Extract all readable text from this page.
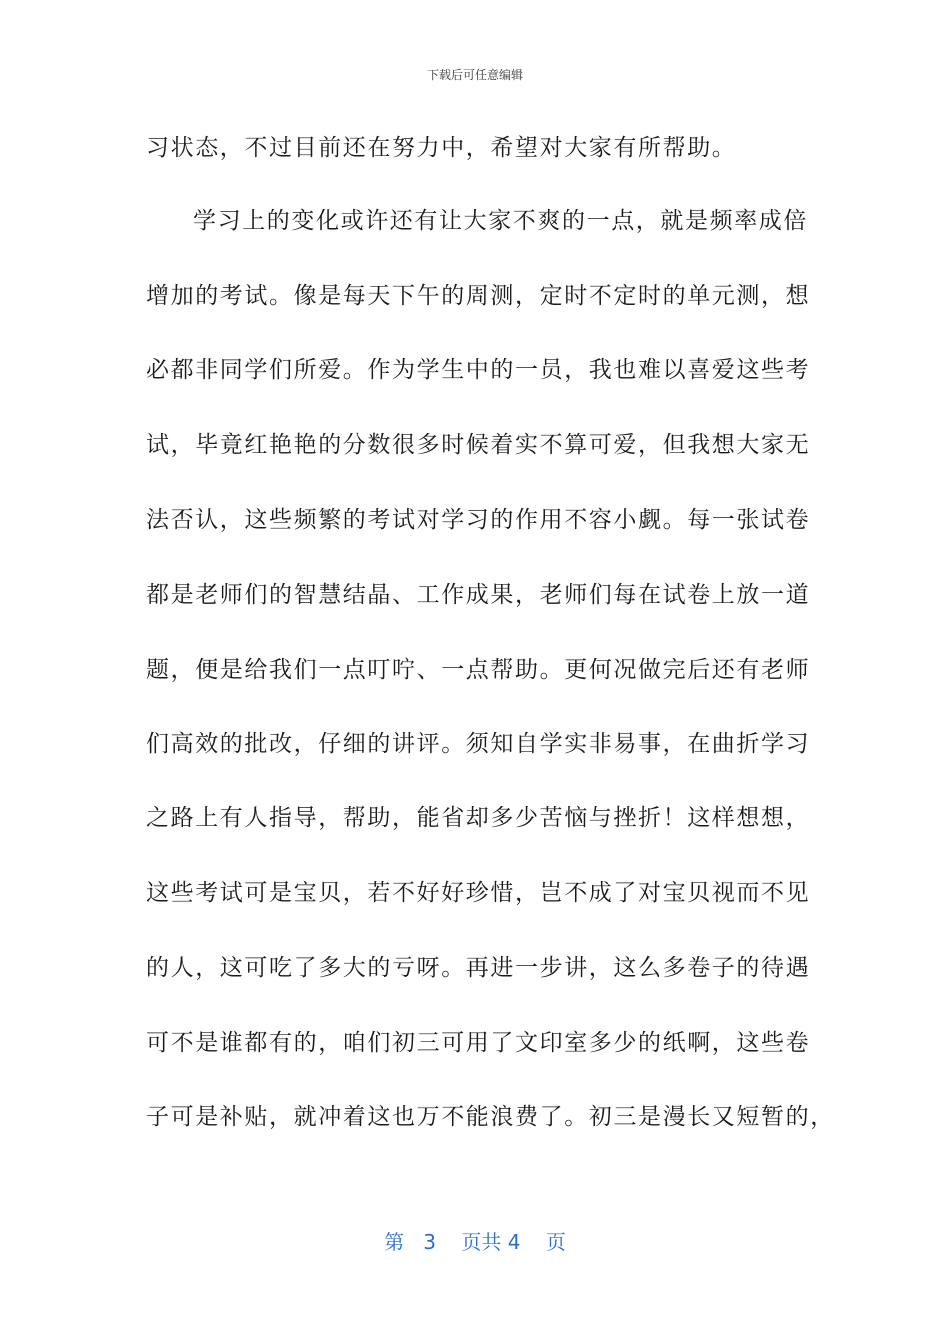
下载后可任意编辑
习状态，不过目前还在努力中，希望对大家有所帮助。
学习上的变化或许还有让大家不爽的一点，就是频率成倍
增加的考试。像是每天下午的周测，定时不定时的单元测，想
必都非同学们所爱。作为学生中的一员，我也难以喜爱这些考
试，毕竟红艳艳的分数很多时候着实不算可爱，但我想大家无
法否认，这些频繁的考试对学习的作用不容小觑。每一张试卷
都是老师们的智慧结晶、工作成果，老师们每在试卷上放一道
题，便是给我们一点叮咛、一点帮助。更何况做完后还有老师
们高效的批改，仔细的讲评。须知自学实非易事，在曲折学习
之路上有人指导，帮助，能省却多少苦恼与挫折！这样想想，
这些考试可是宝贝，若不好好珍惜，岂不成了对宝贝视而不见
的人，这可吃了多大的亏呀。再进一步讲，这么多卷子的待遇
可不是谁都有的，咱们初三可用了文印室多少的纸啊，这些卷
子可是补贴，就冲着这也万不能浪费了。初三是漫长又短暂的，
第 3 页共 4 页
